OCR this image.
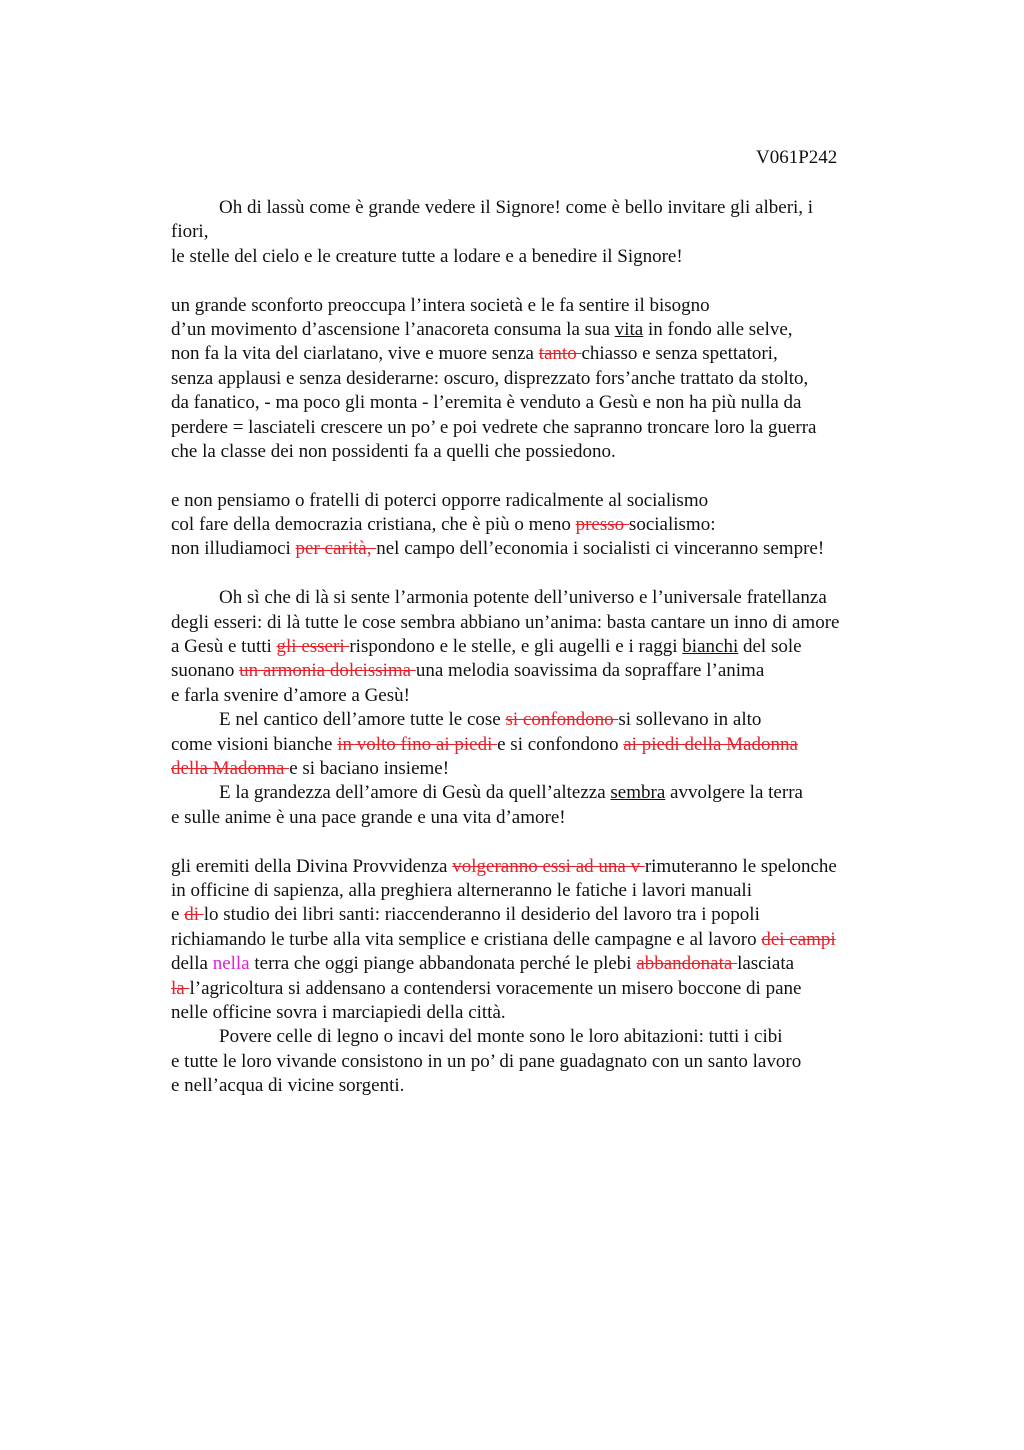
V061P242
Oh di lassù come è grande vedere il Signore! come è bello invitare gli alberi, i
fiori,
le stelle del cielo e le creature tutte a lodare e a benedire il Signore!
un grande sconforto preoccupa l’intera società e le fa sentire il bisogno
d’un movimento d’ascensione l’anacoreta consuma la sua vita in fondo alle selve,
non fa la vita del ciarlatano, vive e muore senza tanto chiasso e senza spettatori,
senza applausi e senza desiderarne: oscuro, disprezzato fors’anche trattato da stolto,
da fanatico, - ma poco gli monta - l’eremita è venduto a Gesù e non ha più nulla da
perdere = lasciateli crescere un po’ e poi vedrete che sapranno troncare loro la guerra
che la classe dei non possidenti fa a quelli che possiedono.
e non pensiamo o fratelli di poterci opporre radicalmente al socialismo
col fare della democrazia cristiana, che è più o meno presso socialismo:
non illudiamoci per carità, nel campo dell’economia i socialisti ci vinceranno sempre!
Oh sì che di là si sente l’armonia potente dell’universo e l’universale fratellanza
degli esseri: di là tutte le cose sembra abbiano un’anima: basta cantare un inno di amore
a Gesù e tutti gli esseri rispondono e le stelle, e gli augelli e i raggi bianchi del sole
suonano un armonia dolcissima una melodia soavissima da sopraffare l’anima
e farla svenire d’amore a Gesù!
E nel cantico dell’amore tutte le cose si confondono si sollevano in alto
come visioni bianche in volto fino ai piedi e si confondono ai piedi della Madonna
della Madonna e si baciano insieme!
E la grandezza dell’amore di Gesù da quell’altezza sembra avvolgere la terra
e sulle anime è una pace grande e una vita d’amore!
gli eremiti della Divina Provvidenza volgeranno essi ad una v rimuteranno le spelonche
in officine di sapienza, alla preghiera alterneranno le fatiche i lavori manuali
e di lo studio dei libri santi: riaccenderanno il desiderio del lavoro tra i popoli
richiamando le turbe alla vita semplice e cristiana delle campagne e al lavoro dei campi
della nella terra che oggi piange abbandonata perché le plebi abbandonata lasciata
la l’agricoltura si addensano a contendersi voracemente un misero boccone di pane
nelle officine sovra i marciapiedi della città.
Povere celle di legno o incavi del monte sono le loro abitazioni: tutti i cibi
e tutte le loro vivande consistono in un po’ di pane guadagnato con un santo lavoro
e nell’acqua di vicine sorgenti.
